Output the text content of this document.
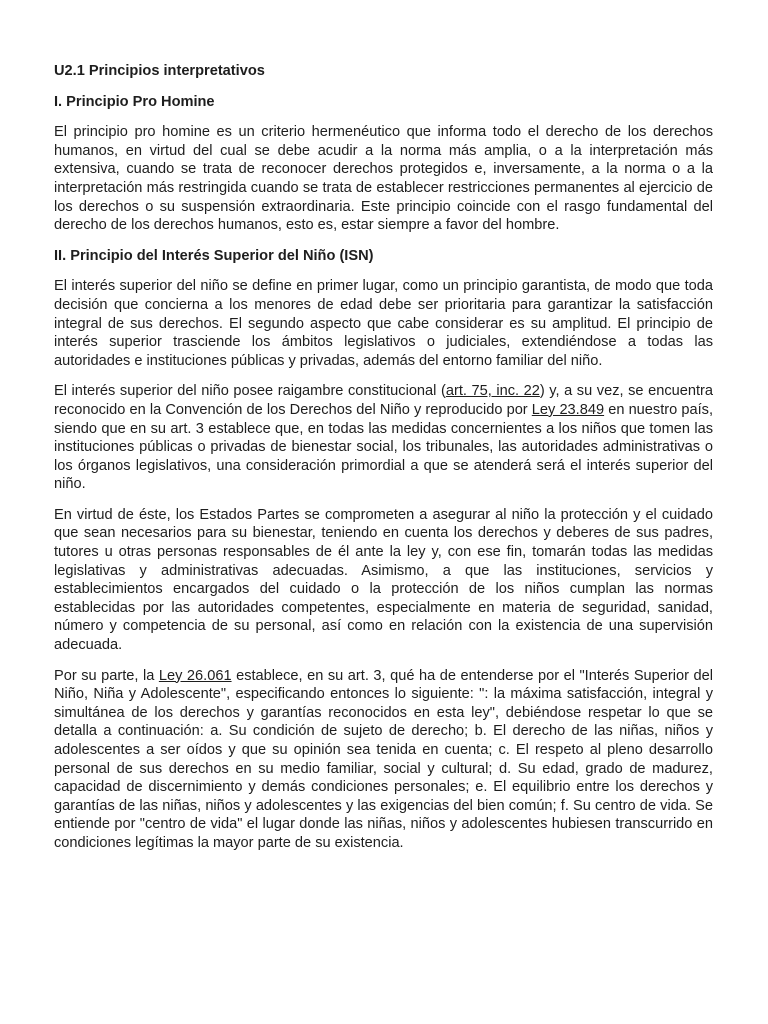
U2.1 Principios interpretativos
I. Principio Pro Homine

El principio pro homine es un criterio hermenéutico que informa todo el derecho de los derechos humanos, en virtud del cual se debe acudir a la norma más amplia, o a la interpretación más extensiva, cuando se trata de reconocer derechos protegidos e, inversamente, a la norma o a la interpretación más restringida cuando se trata de establecer restricciones permanentes al ejercicio de los derechos o su suspensión extraordinaria. Este principio coincide con el rasgo fundamental del derecho de los derechos humanos, esto es, estar siempre a favor del hombre.

II. Principio del Interés Superior del Niño (ISN)

El interés superior del niño se define en primer lugar, como un principio garantista, de modo que toda decisión que concierna a los menores de edad debe ser prioritaria para garantizar la satisfacción integral de sus derechos. El segundo aspecto que cabe considerar es su amplitud. El principio de interés superior trasciende los ámbitos legislativos o judiciales, extendiéndose a todas las autoridades e instituciones públicas y privadas, además del entorno familiar del niño.

El interés superior del niño posee raigambre constitucional (art. 75, inc. 22) y, a su vez, se encuentra reconocido en la Convención de los Derechos del Niño y reproducido por Ley 23.849 en nuestro país, siendo que en su art. 3 establece que, en todas las medidas concernientes a los niños que tomen las instituciones públicas o privadas de bienestar social, los tribunales, las autoridades administrativas o los órganos legislativos, una consideración primordial a que se atenderá será el interés superior del niño.

En virtud de éste, los Estados Partes se comprometen a asegurar al niño la protección y el cuidado que sean necesarios para su bienestar, teniendo en cuenta los derechos y deberes de sus padres, tutores u otras personas responsables de él ante la ley y, con ese fin, tomarán todas las medidas legislativas y administrativas adecuadas. Asimismo, a que las instituciones, servicios y establecimientos encargados del cuidado o la protección de los niños cumplan las normas establecidas por las autoridades competentes, especialmente en materia de seguridad, sanidad, número y competencia de su personal, así como en relación con la existencia de una supervisión adecuada.

Por su parte, la Ley 26.061 establece, en su art. 3, qué ha de entenderse por el "Interés Superior del Niño, Niña y Adolescente", especificando entonces lo siguiente: ": la máxima satisfacción, integral y simultánea de los derechos y garantías reconocidos en esta ley", debiéndose respetar lo que se detalla a continuación: a. Su condición de sujeto de derecho; b. El derecho de las niñas, niños y adolescentes a ser oídos y que su opinión sea tenida en cuenta; c. El respeto al pleno desarrollo personal de sus derechos en su medio familiar, social y cultural; d. Su edad, grado de madurez, capacidad de discernimiento y demás condiciones personales; e. El equilibrio entre los derechos y garantías de las niñas, niños y adolescentes y las exigencias del bien común; f. Su centro de vida. Se entiende por "centro de vida" el lugar donde las niñas, niños y adolescentes hubiesen transcurrido en condiciones legítimas la mayor parte de su existencia.
